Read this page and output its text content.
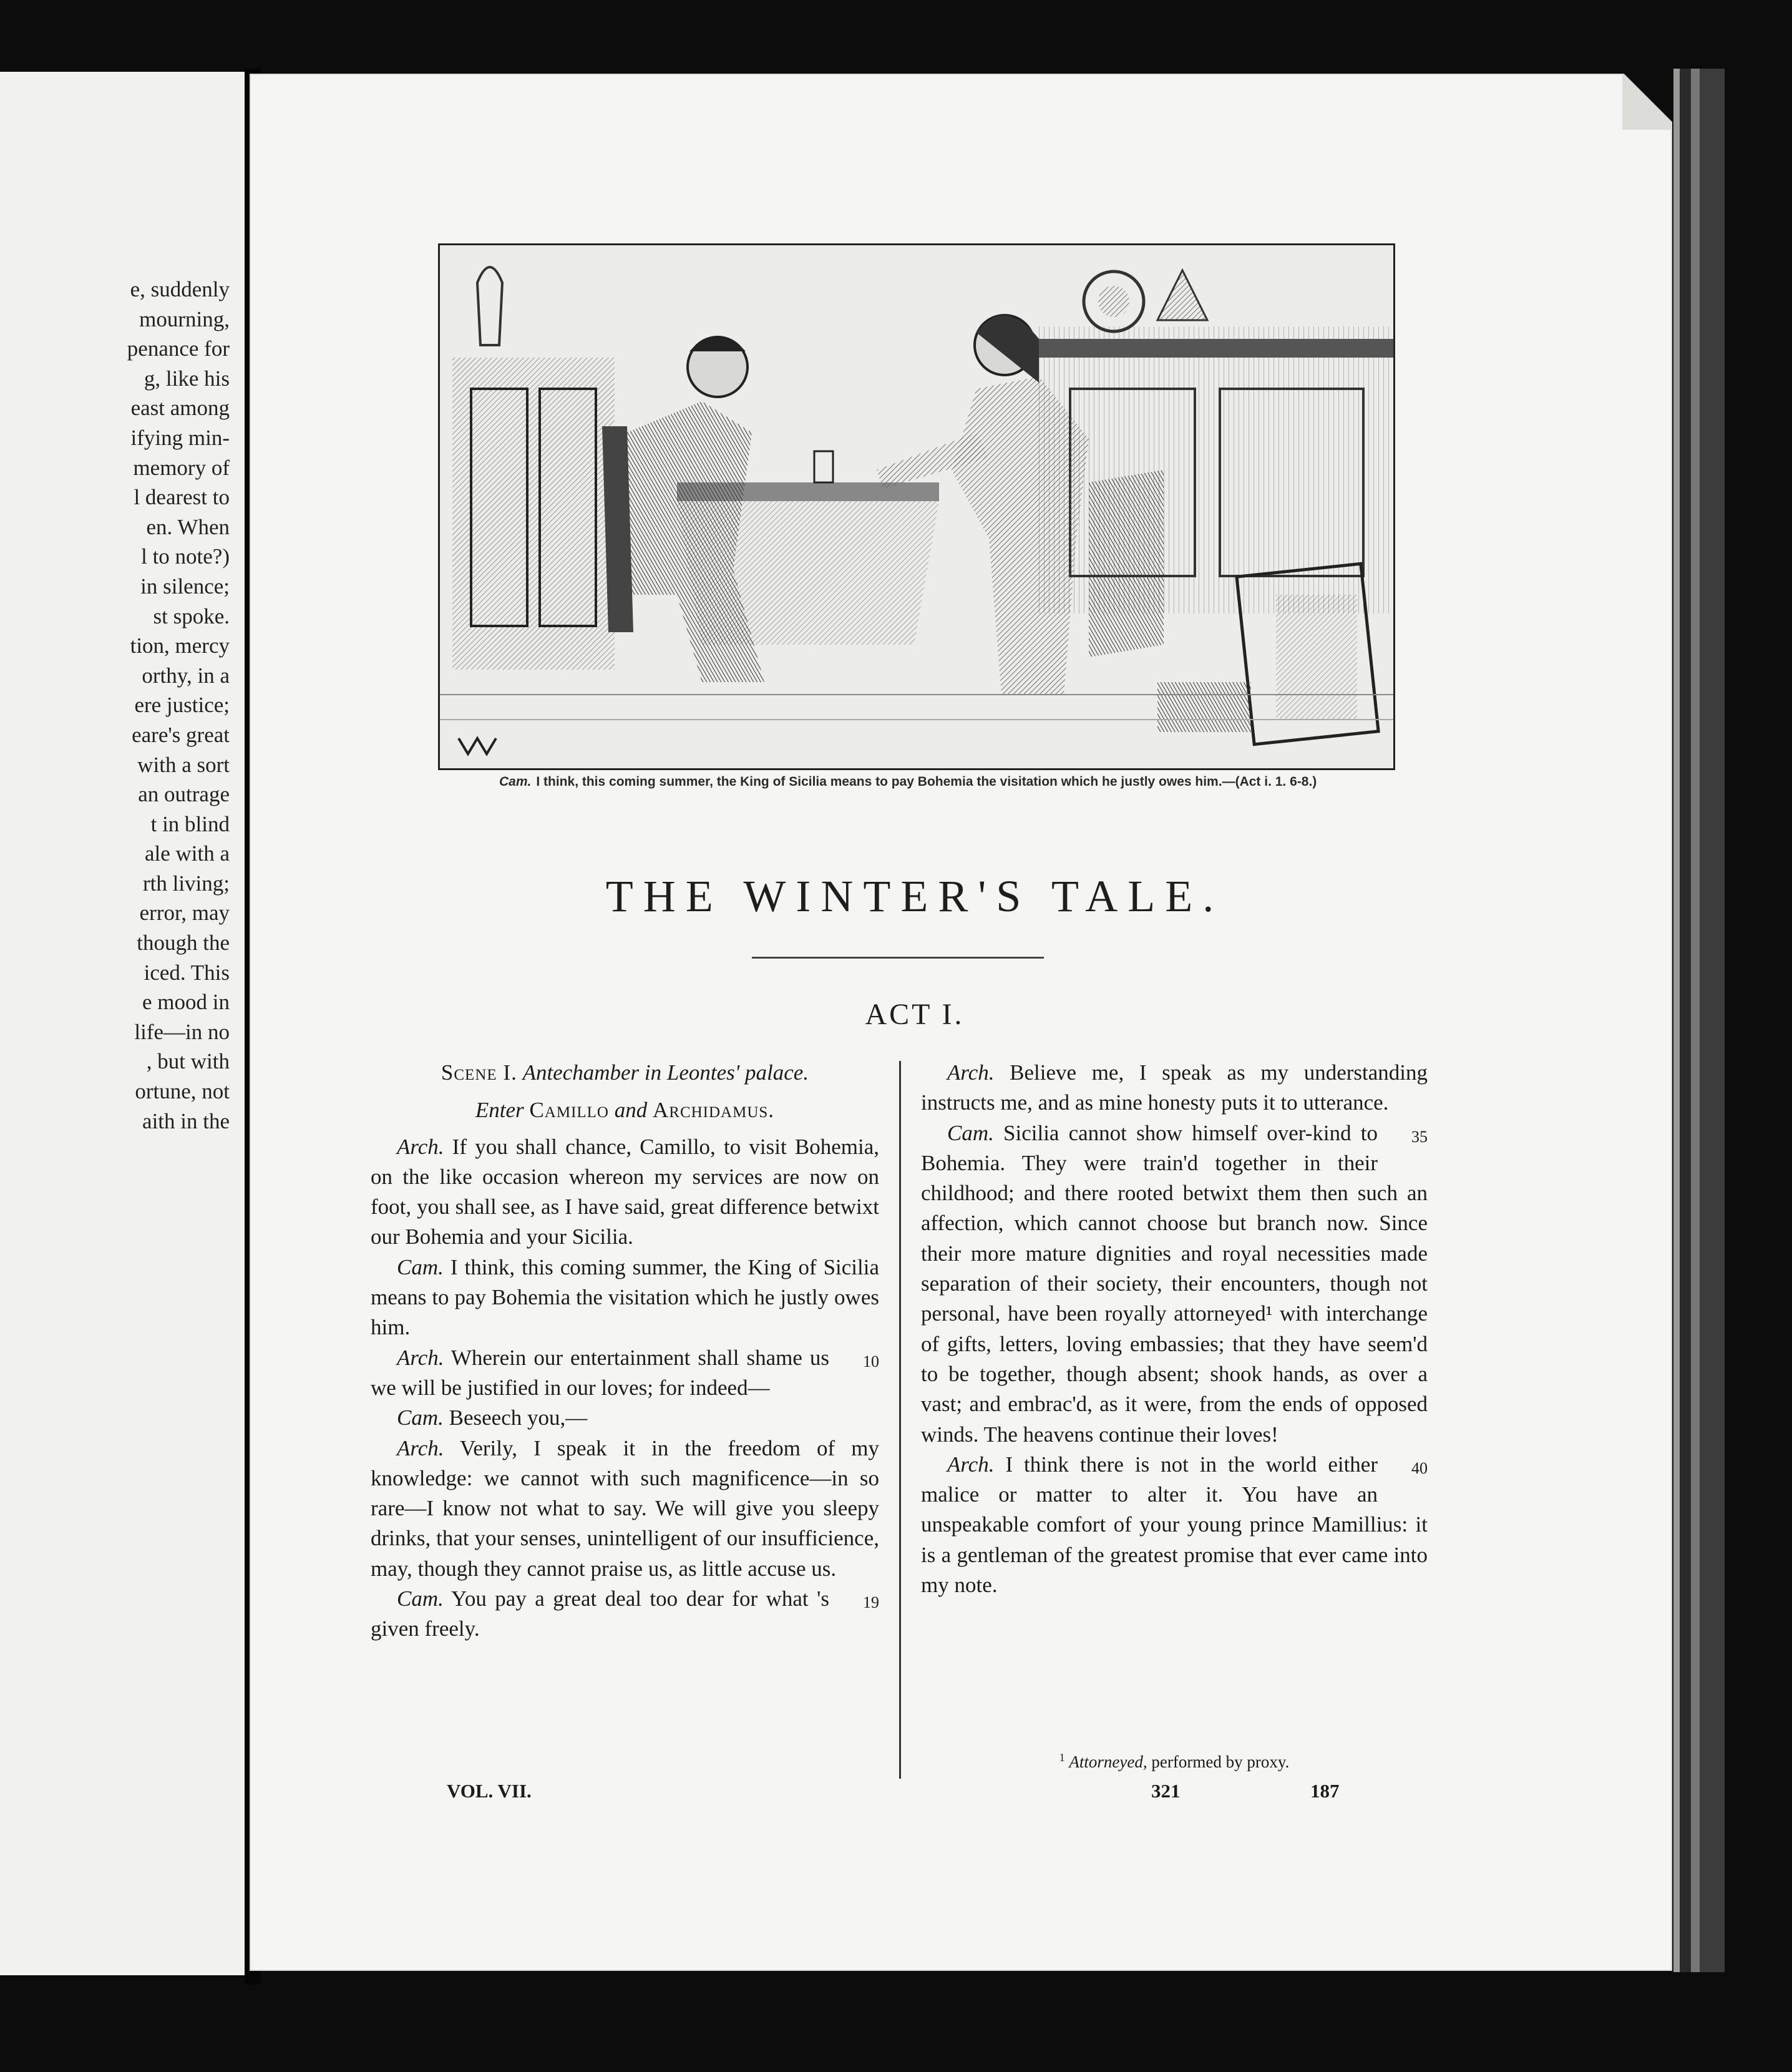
e, suddenly
mourning,
penance for
g, like his
east among
ifying min-
memory of
l dearest to
en. When
l to note?)
in silence;
st spoke.
tion, mercy
orthy, in a
ere justice;
eare's great
with a sort
an outrage
t in blind
ale with a
rth living;
error, may
though the
iced. This
e mood in
life—in no
, but with
ortune, not
aith in the
Cam. I think, this coming summer, the King of Sicilia means to pay Bohemia the visitation which he justly owes him.—(Act i. 1. 6-8.)
THE WINTER'S TALE.
ACT I.
Scene I. Antechamber in Leontes' palace.
Enter Camillo and Archidamus.
Arch. If you shall chance, Camillo, to visit Bohemia, on the like occasion whereon my services are now on foot, you shall see, as I have said, great difference betwixt our Bohemia and your Sicilia.
Cam. I think, this coming summer, the King of Sicilia means to pay Bohemia the visitation which he justly owes him.
10
Arch. Wherein our entertainment shall shame us we will be justified in our loves; for indeed—
Cam. Beseech you,—
Arch. Verily, I speak it in the freedom of my knowledge: we cannot with such magnificence—in so rare—I know not what to say. We will give you sleepy drinks, that your senses, unintelligent of our insufficience, may, though they cannot praise us, as little accuse us.
19
Cam. You pay a great deal too dear for what 's given freely.
Arch. Believe me, I speak as my understanding instructs me, and as mine honesty puts it to utterance.
35
Cam. Sicilia cannot show himself over-kind to Bohemia. They were train'd together in their childhood; and there rooted betwixt them then such an affection, which cannot choose but branch now. Since their more mature dignities and royal necessities made separation of their society, their encounters, though not personal, have been royally attorneyed¹ with interchange of gifts, letters, loving embassies; that they have seem'd to be together, though absent; shook hands, as over a vast; and embrac'd, as it were, from the ends of opposed winds. The heavens continue their loves!
40
Arch. I think there is not in the world either malice or matter to alter it. You have an unspeakable comfort of your young prince Mamillius: it is a gentleman of the greatest promise that ever came into my note.
$^1$ Attorneyed, performed by proxy.
VOL. VII.	321	187
